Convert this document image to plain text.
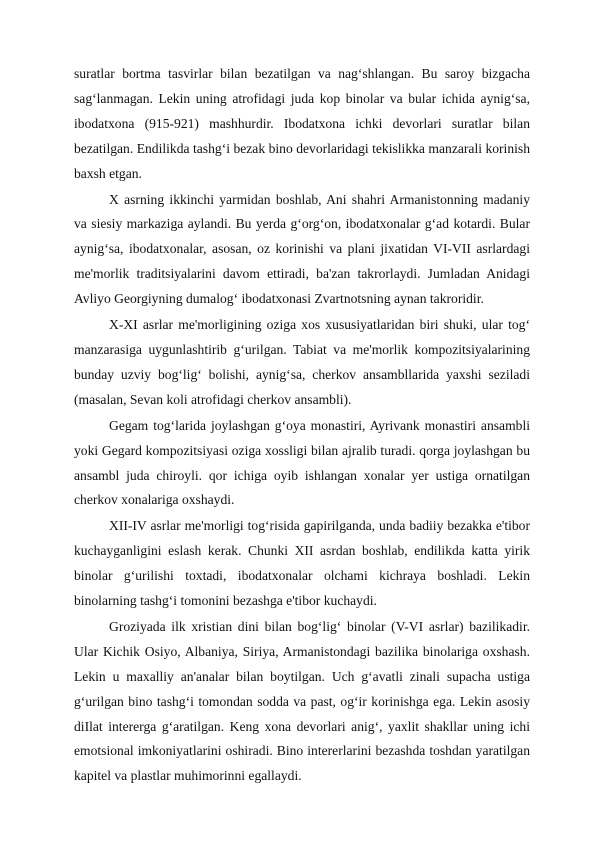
suratlar bortma tasvirlar bilan bezatilgan va nag‘shlangan. Bu saroy bizgacha sag‘lanmagan. Lekin uning atrofidagi juda kop binolar va bular ichida aynig‘sa, ibodatxona (915-921) mashhurdir. Ibodatxona ichki devorlari suratlar bilan bezatilgan. Endilikda tashg‘i bezak bino devorlaridagi tekislikka manzarali korinish baxsh etgan.

X asrning ikkinchi yarmidan boshlab, Ani shahri Armanistonning madaniy va siesiy markaziga aylandi. Bu yerda g‘org‘on, ibodatxonalar g‘ad kotardi. Bular aynig‘sa, ibodatxonalar, asosan, oz korinishi va plani jixatidan VI-VII asrlardagi me'morlik traditsiyalarini davom ettiradi, ba'zan takrorlaydi. Jumladan Anidagi Avliyo Georgiyning dumalog‘ ibodatxonasi Zvartnotsning aynan takroridir.

X-XI asrlar me'morligining oziga xos xususiyatlaridan biri shuki, ular tog‘ manzarasiga uygunlashtirib g‘urilgan. Tabiat va me'morlik kompozitsiyalarining bunday uzviy bog‘lig‘ bolishi, aynig‘sa, cherkov ansambllarida yaxshi seziladi (masalan, Sevan koli atrofidagi cherkov ansambli).

Gegam tog‘larida joylashgan g‘oya monastiri, Ayrivank monastiri ansambli yoki Gegard kompozitsiyasi oziga xossligi bilan ajralib turadi. qorga joylashgan bu ansambl juda chiroyli. qor ichiga oyib ishlangan xonalar yer ustiga ornatilgan cherkov xonalariga oxshaydi.

XII-IV asrlar me'morligi tog‘risida gapirilganda, unda badiiy bezakka e'tibor kuchayganligini eslash kerak. Chunki XII asrdan boshlab, endilikda katta yirik binolar g‘urilishi toxtadi, ibodatxonalar olchami kichraya boshladi. Lekin binolarning tashg‘i tomonini bezashga e'tibor kuchaydi.

Groziyada ilk xristian dini bilan bog‘lig‘ binolar (V-VI asrlar) bazilikadir. Ular Kichik Osiyo, Albaniya, Siriya, Armanistondagi bazilika binolariga oxshash. Lekin u maxalliy an'analar bilan boytilgan. Uch g‘avatli zinali supacha ustiga g‘urilgan bino tashg‘i tomondan sodda va past, og‘ir korinishga ega. Lekin asosiy diIlat intererga g‘aratilgan. Keng xona devorlari anig‘, yaxlit shakllar uning ichi emotsional imkoniyatlarini oshiradi. Bino intererlarini bezashda toshdan yaratilgan kapitel va plastlar muhimorinni egallaydi.
